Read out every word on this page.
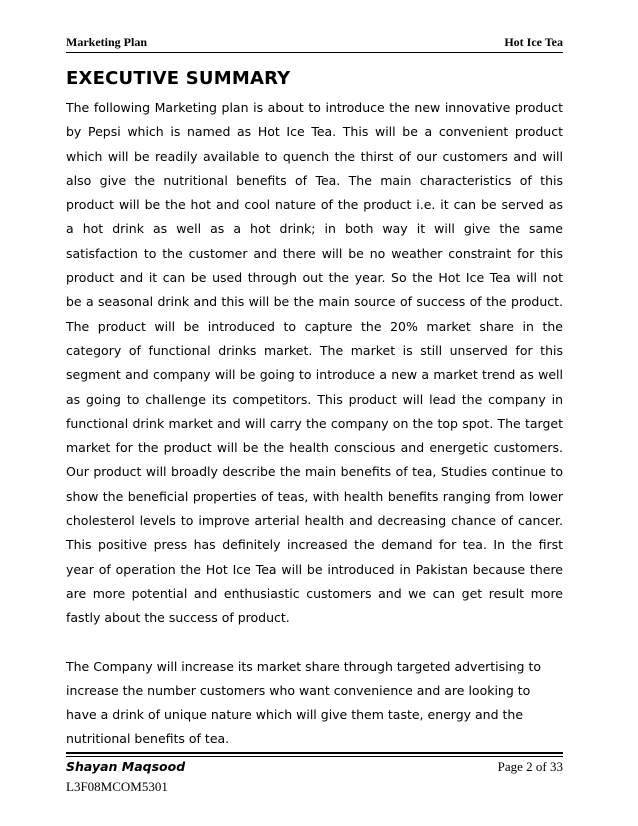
Marketing Plan	Hot Ice Tea
EXECUTIVE SUMMARY
The following Marketing plan is about to introduce the new innovative product
by Pepsi which is named as Hot Ice Tea. This will be a convenient product
which will be readily available to quench the thirst of our customers and will
also give the nutritional benefits of Tea. The main characteristics of this
product will be the hot and cool nature of the product i.e. it can be served as
a hot drink as well as a hot drink; in both way it will give the same
satisfaction to the customer and there will be no weather constraint for this
product and it can be used through out the year. So the Hot Ice Tea will not
be a seasonal drink and this will be the main source of success of the product.
The product will be introduced to capture the 20% market share in the
category of functional drinks market. The market is still unserved for this
segment and company will be going to introduce a new a market trend as well
as going to challenge its competitors. This product will lead the company in
functional drink market and will carry the company on the top spot. The target
market for the product will be the health conscious and energetic customers.
Our product will broadly describe the main benefits of tea, Studies continue to
show the beneficial properties of teas, with health benefits ranging from lower
cholesterol levels to improve arterial health and decreasing chance of cancer.
This positive press has definitely increased the demand for tea. In the first
year of operation the Hot Ice Tea will be introduced in Pakistan because there
are more potential and enthusiastic customers and we can get result more
fastly about the success of product.
The Company will increase its market share through targeted advertising to
increase the number customers who want convenience and are looking to
have a drink of unique nature which will give them taste, energy and the
nutritional benefits of tea.
Shayan Maqsood	Page 2 of 33
L3F08MCOM5301
